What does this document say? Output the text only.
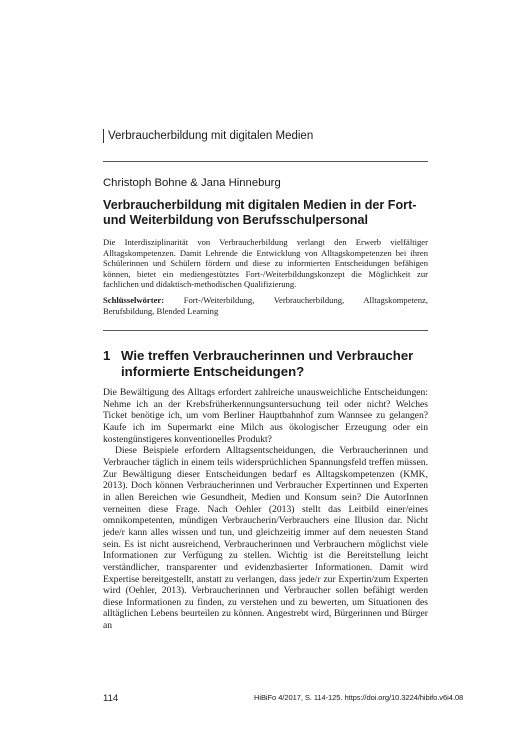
Verbraucherbildung mit digitalen Medien
Christoph Bohne & Jana Hinneburg
Verbraucherbildung mit digitalen Medien in der Fort- und Weiterbildung von Berufsschulpersonal

Die Interdisziplinarität von Verbraucherbildung verlangt den Erwerb vielfältiger Alltagskompetenzen. Damit Lehrende die Entwicklung von Alltagskompetenzen bei ihren Schülerinnen und Schülern fördern und diese zu informierten Entscheidungen befähigen können, bietet ein mediengestütztes Fort-/Weiterbildungskonzept die Möglichkeit zur fachlichen und didaktisch-methodischen Qualifizierung.

Schlüsselwörter: Fort-/Weiterbildung, Verbraucherbildung, Alltagskompetenz, Berufsbildung, Blended Learning

1 Wie treffen Verbraucherinnen und Verbraucher informierte Entscheidungen?

Die Bewältigung des Alltags erfordert zahlreiche unausweichliche Entscheidungen: Nehme ich an der Krebsfrüherkennungsuntersuchung teil oder nicht? Welches Ticket benötige ich, um vom Berliner Hauptbahnhof zum Wannsee zu gelangen? Kaufe ich im Supermarkt eine Milch aus ökologischer Erzeugung oder ein kostengünstigeres konventionelles Produkt?

Diese Beispiele erfordern Alltagsentscheidungen, die Verbraucherinnen und Verbraucher täglich in einem teils widersprüchlichen Spannungsfeld treffen müssen. Zur Bewältigung dieser Entscheidungen bedarf es Alltagskompetenzen (KMK, 2013). Doch können Verbraucherinnen und Verbraucher Expertinnen und Experten in allen Bereichen wie Gesundheit, Medien und Konsum sein? Die AutorInnen verneinen diese Frage. Nach Oehler (2013) stellt das Leitbild einer/eines omnikompetenten, mündigen Verbraucherin/Verbrauchers eine Illusion dar. Nicht jede/r kann alles wissen und tun, und gleichzeitig immer auf dem neuesten Stand sein. Es ist nicht ausreichend, Verbraucherinnen und Verbrauchern möglichst viele Informationen zur Verfügung zu stellen. Wichtig ist die Bereitstellung leicht verständlicher, transparenter und evidenzbasierter Informationen. Damit wird Expertise bereitgestellt, anstatt zu verlangen, dass jede/r zur Expertin/zum Experten wird (Oehler, 2013). Verbraucherinnen und Verbraucher sollen befähigt werden diese Informationen zu finden, zu verstehen und zu bewerten, um Situationen des alltäglichen Lebens beurteilen zu können. Angestrebt wird, Bürgerinnen und Bürger an

114	HiBiFo 4/2017, S. 114-125. https://doi.org/10.3224/hibifo.v6i4.08
